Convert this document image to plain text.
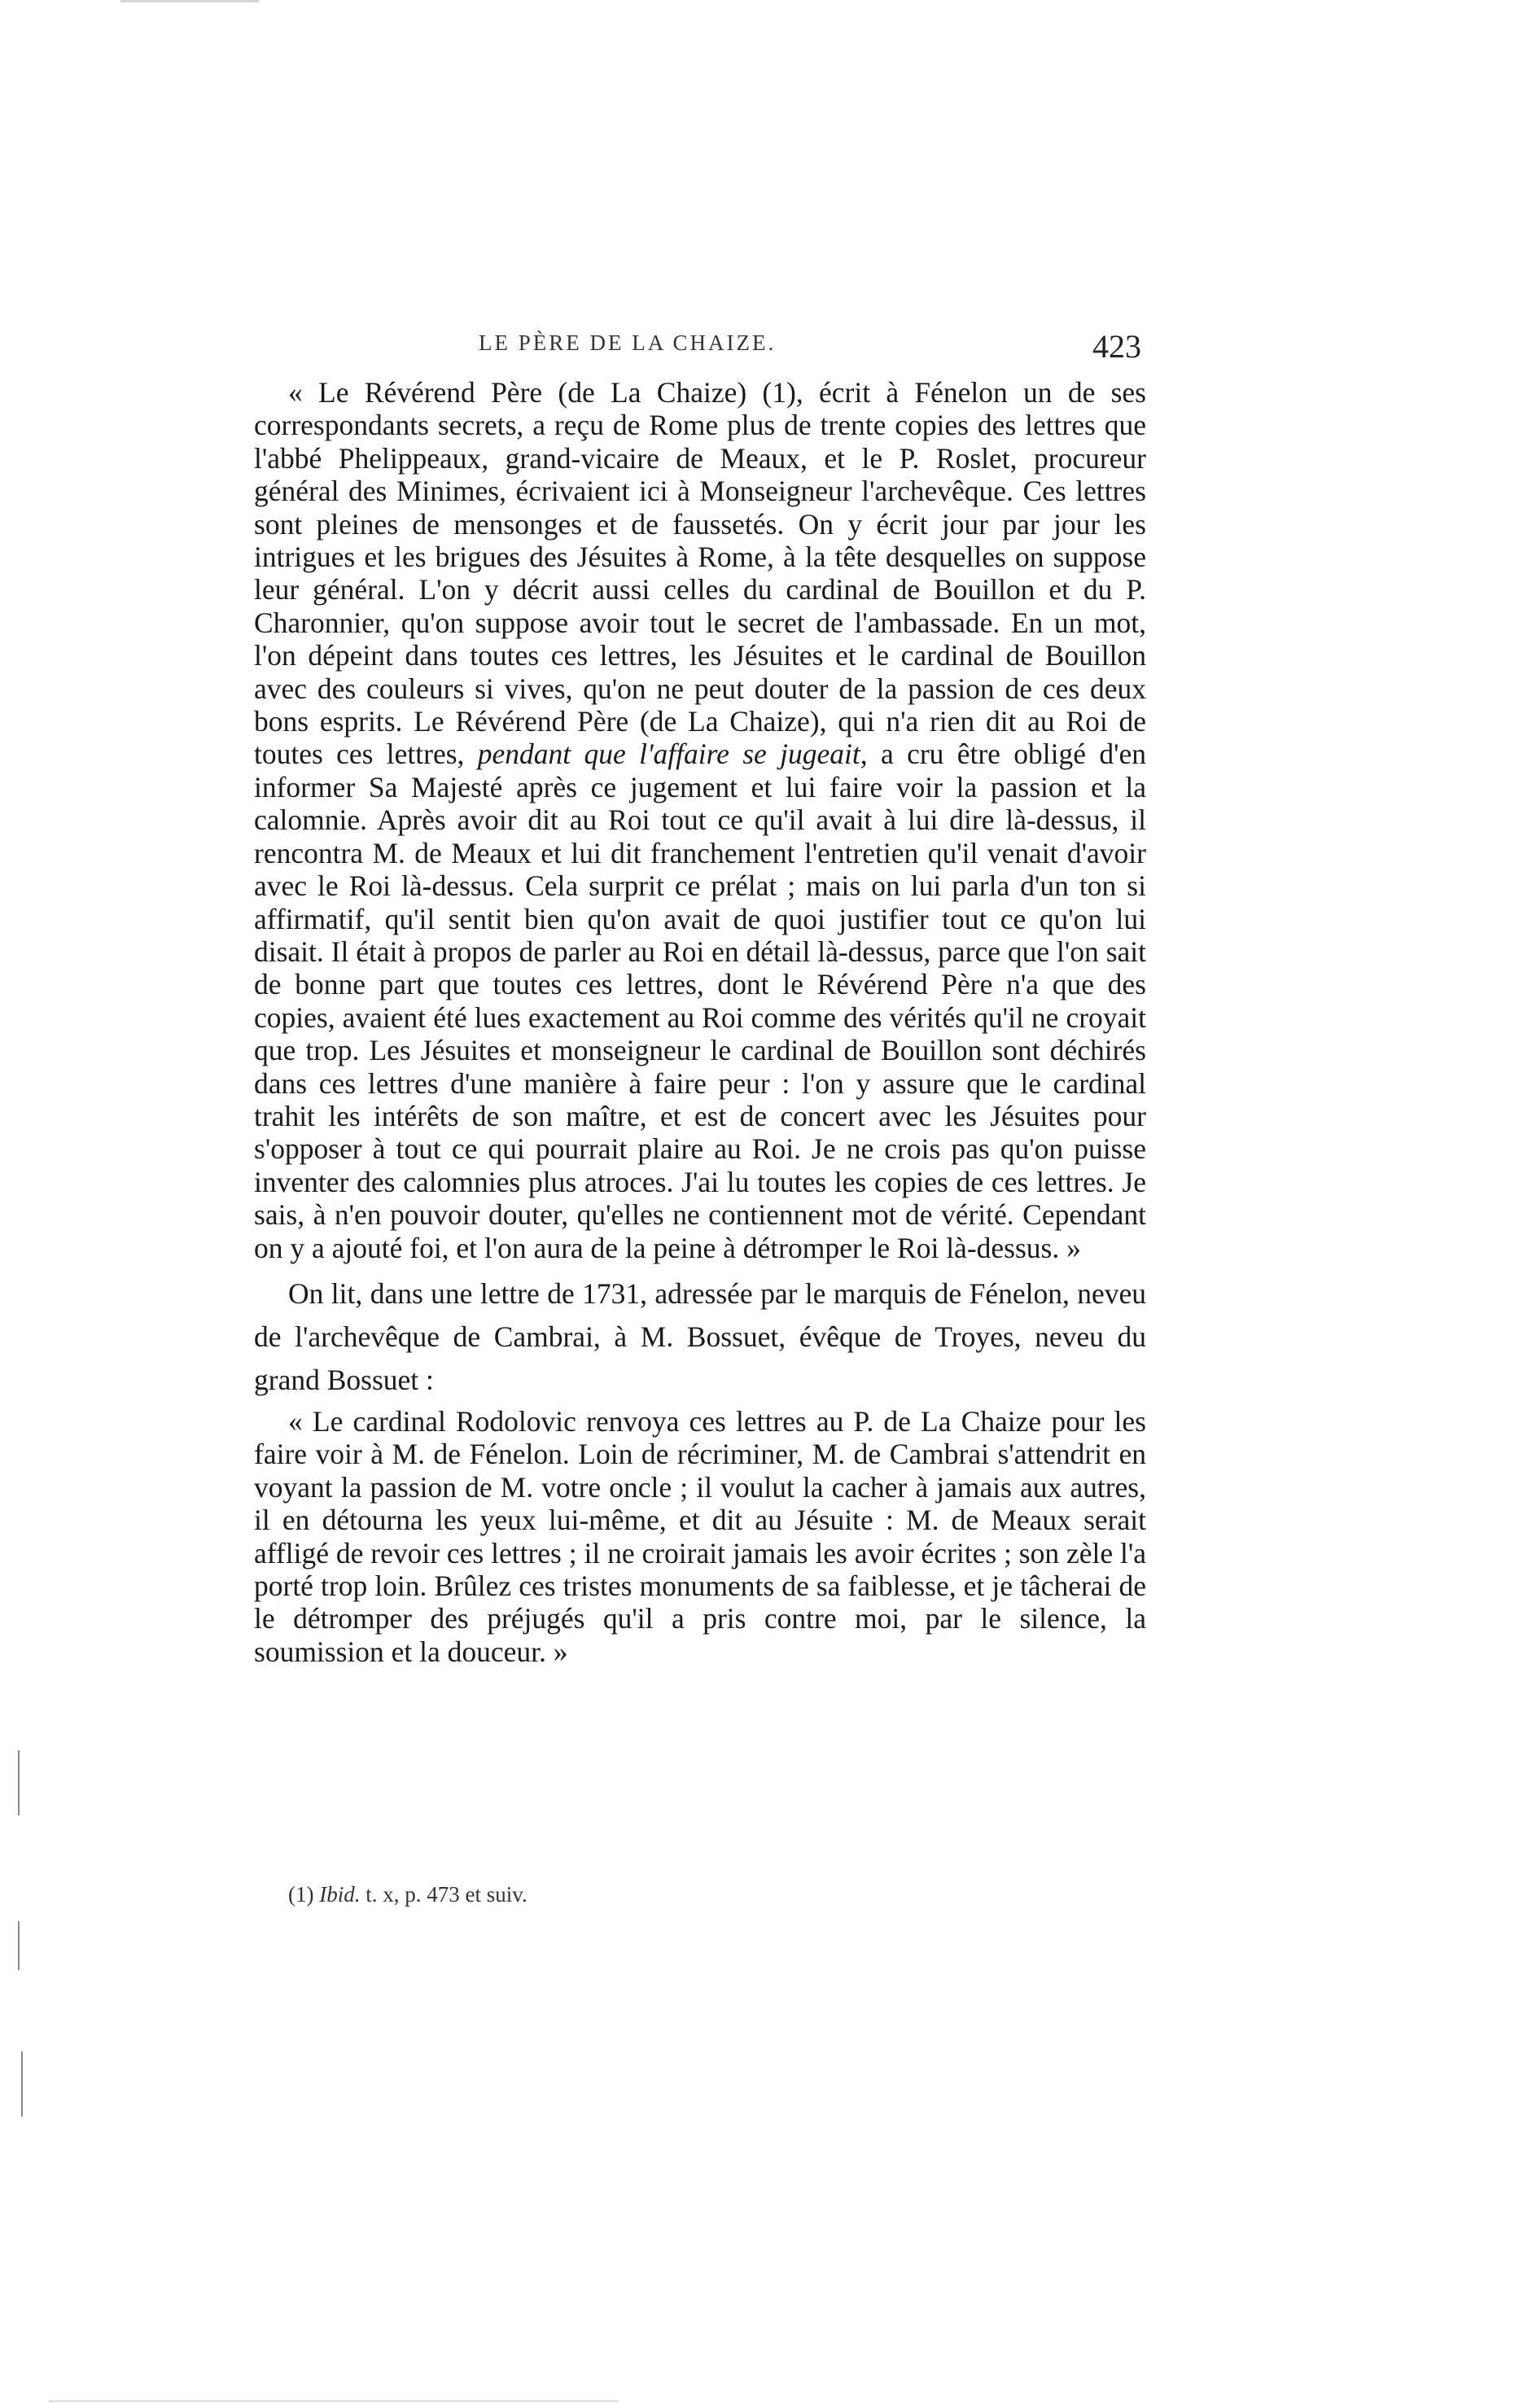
LE PÈRE DE LA CHAIZE.	423

« Le Révérend Père (de La Chaize) (1), écrit à Fénelon un de ses correspondants secrets, a reçu de Rome plus de trente copies des lettres que l'abbé Phelippeaux, grand-vicaire de Meaux, et le P. Roslet, procureur général des Minimes, écrivaient ici à Monseigneur l'archevêque. Ces lettres sont pleines de mensonges et de faussetés. On y écrit jour par jour les intrigues et les brigues des Jésuites à Rome, à la tête desquelles on suppose leur général. L'on y décrit aussi celles du cardinal de Bouillon et du P. Charonnier, qu'on suppose avoir tout le secret de l'ambassade. En un mot, l'on dépeint dans toutes ces lettres, les Jésuites et le cardinal de Bouillon avec des couleurs si vives, qu'on ne peut douter de la passion de ces deux bons esprits. Le Révérend Père (de La Chaize), qui n'a rien dit au Roi de toutes ces lettres, pendant que l'affaire se jugeait, a cru être obligé d'en informer Sa Majesté après ce jugement et lui faire voir la passion et la calomnie. Après avoir dit au Roi tout ce qu'il avait à lui dire là-dessus, il rencontra M. de Meaux et lui dit franchement l'entretien qu'il venait d'avoir avec le Roi là-dessus. Cela surprit ce prélat ; mais on lui parla d'un ton si affirmatif, qu'il sentit bien qu'on avait de quoi justifier tout ce qu'on lui disait. Il était à propos de parler au Roi en détail là-dessus, parce que l'on sait de bonne part que toutes ces lettres, dont le Révérend Père n'a que des copies, avaient été lues exactement au Roi comme des vérités qu'il ne croyait que trop. Les Jésuites et monseigneur le cardinal de Bouillon sont déchirés dans ces lettres d'une manière à faire peur : l'on y assure que le cardinal trahit les intérêts de son maître, et est de concert avec les Jésuites pour s'opposer à tout ce qui pourrait plaire au Roi. Je ne crois pas qu'on puisse inventer des calomnies plus atroces. J'ai lu toutes les copies de ces lettres. Je sais, à n'en pouvoir douter, qu'elles ne contiennent mot de vérité. Cependant on y a ajouté foi, et l'on aura de la peine à détromper le Roi là-dessus. »

On lit, dans une lettre de 1731, adressée par le marquis de Fénelon, neveu de l'archevêque de Cambrai, à M. Bossuet, évêque de Troyes, neveu du grand Bossuet :

« Le cardinal Rodolovic renvoya ces lettres au P. de La Chaize pour les faire voir à M. de Fénelon. Loin de récriminer, M. de Cambrai s'attendrit en voyant la passion de M. votre oncle ; il voulut la cacher à jamais aux autres, il en détourna les yeux lui-même, et dit au Jésuite : M. de Meaux serait affligé de revoir ces lettres ; il ne croirait jamais les avoir écrites ; son zèle l'a porté trop loin. Brûlez ces tristes monuments de sa faiblesse, et je tâcherai de le détromper des préjugés qu'il a pris contre moi, par le silence, la soumission et la douceur. »

(1) Ibid. t. x, p. 473 et suiv.
